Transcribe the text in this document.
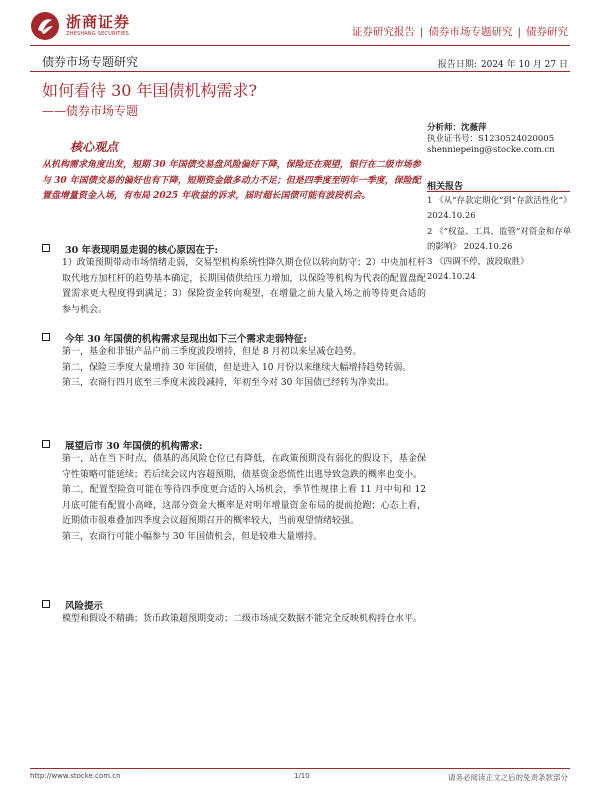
浙商证券
ZHESHANG SECURITIES	证券研究报告 | 债券市场专题研究 | 债券研究
债券市场专题研究	报告日期: 2024 年 10 月 27 日
如何看待 30 年国债机构需求?
——债券市场专题
核心观点
从机构需求角度出发，短期 30 年国债交易盘风险偏好下降，保险还在观望，银行在二级市场参与 30 年国债交易的偏好也有下降，短期资金做多动力不足；但是四季度至明年一季度，保险配置盘增量资金入场，有布局 2025 年收益的诉求，届时超长国债可能有波段机会。
分析师：沈薇萍
执业证书号：S1230524020005
shenniepeing@stocke.com.cn
相关报告
1 《从“存款定期化”到“存款活性化”》 2024.10.26
2 《“权益、工具、监管”对资金和存单的影响》 2024.10.26
3 《四调不停，波段取胜》 2024.10.24
30 年表现明显走弱的核心原因在于:

1）政策预期带动市场情绪走弱，交易型机构系统性降久期仓位以转向防守；2）中央加杠杆取代地方加杠杆的趋势基本确定，长期国债供给压力增加，以保险等机构为代表的配置盘配置需求更大程度得到满足；3）保险资金转向观望，在增量之前大量入场之前等待更合适的参与机会。

今年 30 年国债的机构需求呈现出如下三个需求走弱特征:

第一，基金和非银产品户前三季度波段增持，但是 8 月初以来呈减仓趋势。

第二，保险三季度大量增持 30 年国债，但是进入 10 月份以来继续大幅增持趋势转弱。

第三，农商行四月底至三季度末波段减持，年初至今对 30 年国债已经转为净卖出。

展望后市 30 年国债的机构需求:

第一，站在当下时点，债基的高风险仓位已有降低，在政策预期没有弱化的假设下，基金保守性策略可能延续；若后续会议内容超预期，债基资金恐慌性出逃导致急跌的概率也变小。

第二，配置型险资可能在等待四季度更合适的入场机会，季节性规律上看 11 月中旬和 12 月底可能有配置小高峰，这部分资金大概率是对明年增量资金布局的提前抢跑；心态上看，近期债市很难叠加四季度会议超预期召开的概率较大，当前观望情绪较强。

第三，农商行可能小幅参与 30 年国债机会，但是较难大量增持。

风险提示

模型和假设不精确；货币政策超预期变动；二级市场成交数据不能完全反映机构持仓水平。

http://www.stocke.com.cn	1/10	请务必阅读正文之后的免责条款部分
